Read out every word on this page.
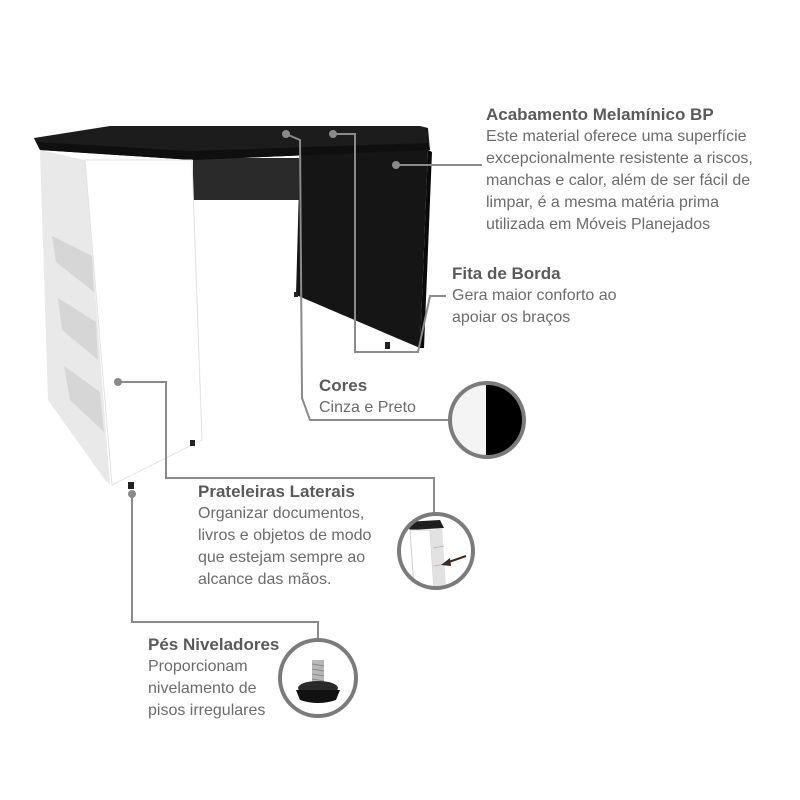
Acabamento Melamínico BP
Este material oferece uma superfície
excepcionalmente resistente a riscos,
manchas e calor, além de ser fácil de
limpar, é a mesma matéria prima
utilizada em Móveis Planejados
Fita de Borda
Gera maior conforto ao
apoiar os braços
Cores
Cinza e Preto
Prateleiras Laterais
Organizar documentos,
livros e objetos de modo
que estejam sempre ao
alcance das mãos.
Pés Niveladores
Proporcionam
nivelamento de
pisos irregulares
